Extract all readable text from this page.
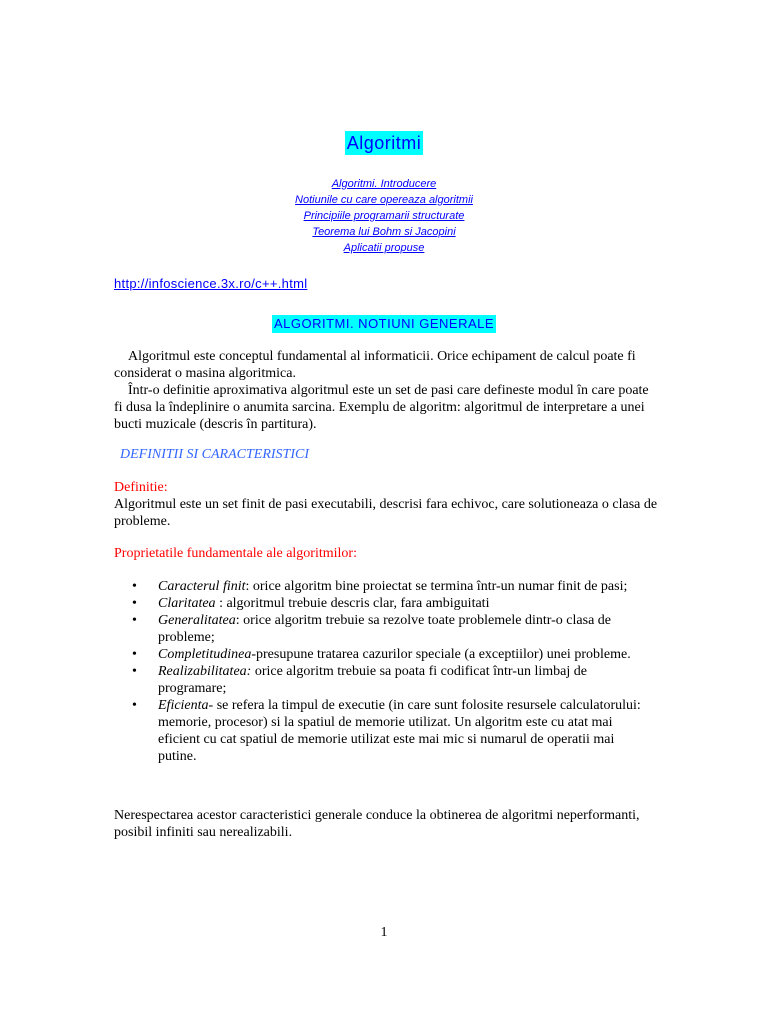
Algoritmi
Algoritmi. Introducere
Notiunile cu care opereaza algoritmii
Principiile programarii structurate
Teorema lui Bohm si Jacopini
Aplicatii propuse
http://infoscience.3x.ro/c++.html
ALGORITMI. NOTIUNI GENERALE

Algoritmul este conceptul fundamental al informaticii. Orice echipament de calcul poate fi considerat o masina algoritmica.

Într-o definitie aproximativa algoritmul este un set de pasi care defineste modul în care poate fi dusa la îndeplinire o anumita sarcina. Exemplu de algoritm: algoritmul de interpretare a unei bucti muzicale (descris în partitura).

DEFINITII SI CARACTERISTICI
Definitie:
Algoritmul este un set finit de pasi executabili, descrisi fara echivoc, care solutioneaza o clasa de probleme.
Proprietatile fundamentale ale algoritmilor:
• Caracterul finit: orice algoritm bine proiectat se termina într-un numar finit de pasi;
• Claritatea : algoritmul trebuie descris clar, fara ambiguitati
• Generalitatea: orice algoritm trebuie sa rezolve toate problemele dintr-o clasa de probleme;
• Completitudinea-presupune tratarea cazurilor speciale (a exceptiilor) unei probleme.
• Realizabilitatea: orice algoritm trebuie sa poata fi codificat într-un limbaj de programare;
• Eficienta- se refera la timpul de executie (in care sunt folosite resursele calculatorului: memorie, procesor) si la spatiul de memorie utilizat. Un algoritm este cu atat mai eficient cu cat spatiul de memorie utilizat este mai mic si numarul de operatii mai putine.

Nerespectarea acestor caracteristici generale conduce la obtinerea de algoritmi neperformanti, posibil infiniti sau nerealizabili.

1
